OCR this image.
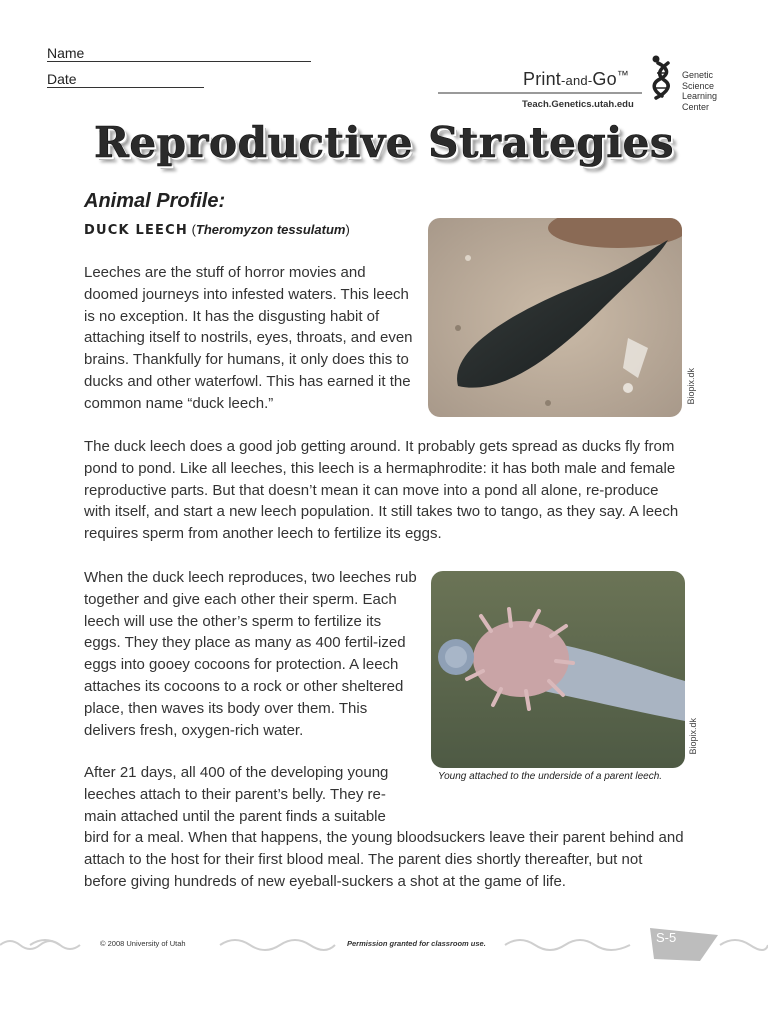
Name
Date	Print-and-Go™
Teach.Genetics.utah.edu
Genetic
Science
Learning
Center
Reproductive Strategies
Animal Profile:
DUCK LEECH (Theromyzon tessulatum)

Leeches are the stuff of horror movies and doomed journeys into infested waters. This leech is no exception. It has the disgusting habit of attaching itself to nostrils, eyes, throats, and even brains. Thankfully for humans, it only does this to ducks and other waterfowl. This has earned it the common name “duck leech.”	Biopix.dk

The duck leech does a good job getting around. It probably gets spread as ducks fly from pond to pond. Like all leeches, this leech is a hermaphrodite: it has both male and female reproductive parts. But that doesn’t mean it can move into a pond all alone, re-produce with itself, and start a new leech population. It still takes two to tango, as they say. A leech requires sperm from another leech to fertilize its eggs.

When the duck leech reproduces, two leeches rub together and give each other their sperm. Each leech will use the other’s sperm to fertilize its eggs. They they place as many as 400 fertil-ized eggs into gooey cocoons for protection. A leech attaches its cocoons to a rock or other sheltered place, then waves its body over them. This delivers fresh, oxygen-rich water.	Biopix.dk
Young attached to the underside of a parent leech.

After 21 days, all 400 of the developing young leeches attach to their parent’s belly. They re-main attached until the parent finds a suitable bird for a meal. When that happens, the young bloodsuckers leave their parent behind and attach to the host for their first blood meal. The parent dies shortly thereafter, but not before giving hundreds of new eyeball-suckers a shot at the game of life.

© 2008 University of Utah	Permission granted for classroom use.	S-5
